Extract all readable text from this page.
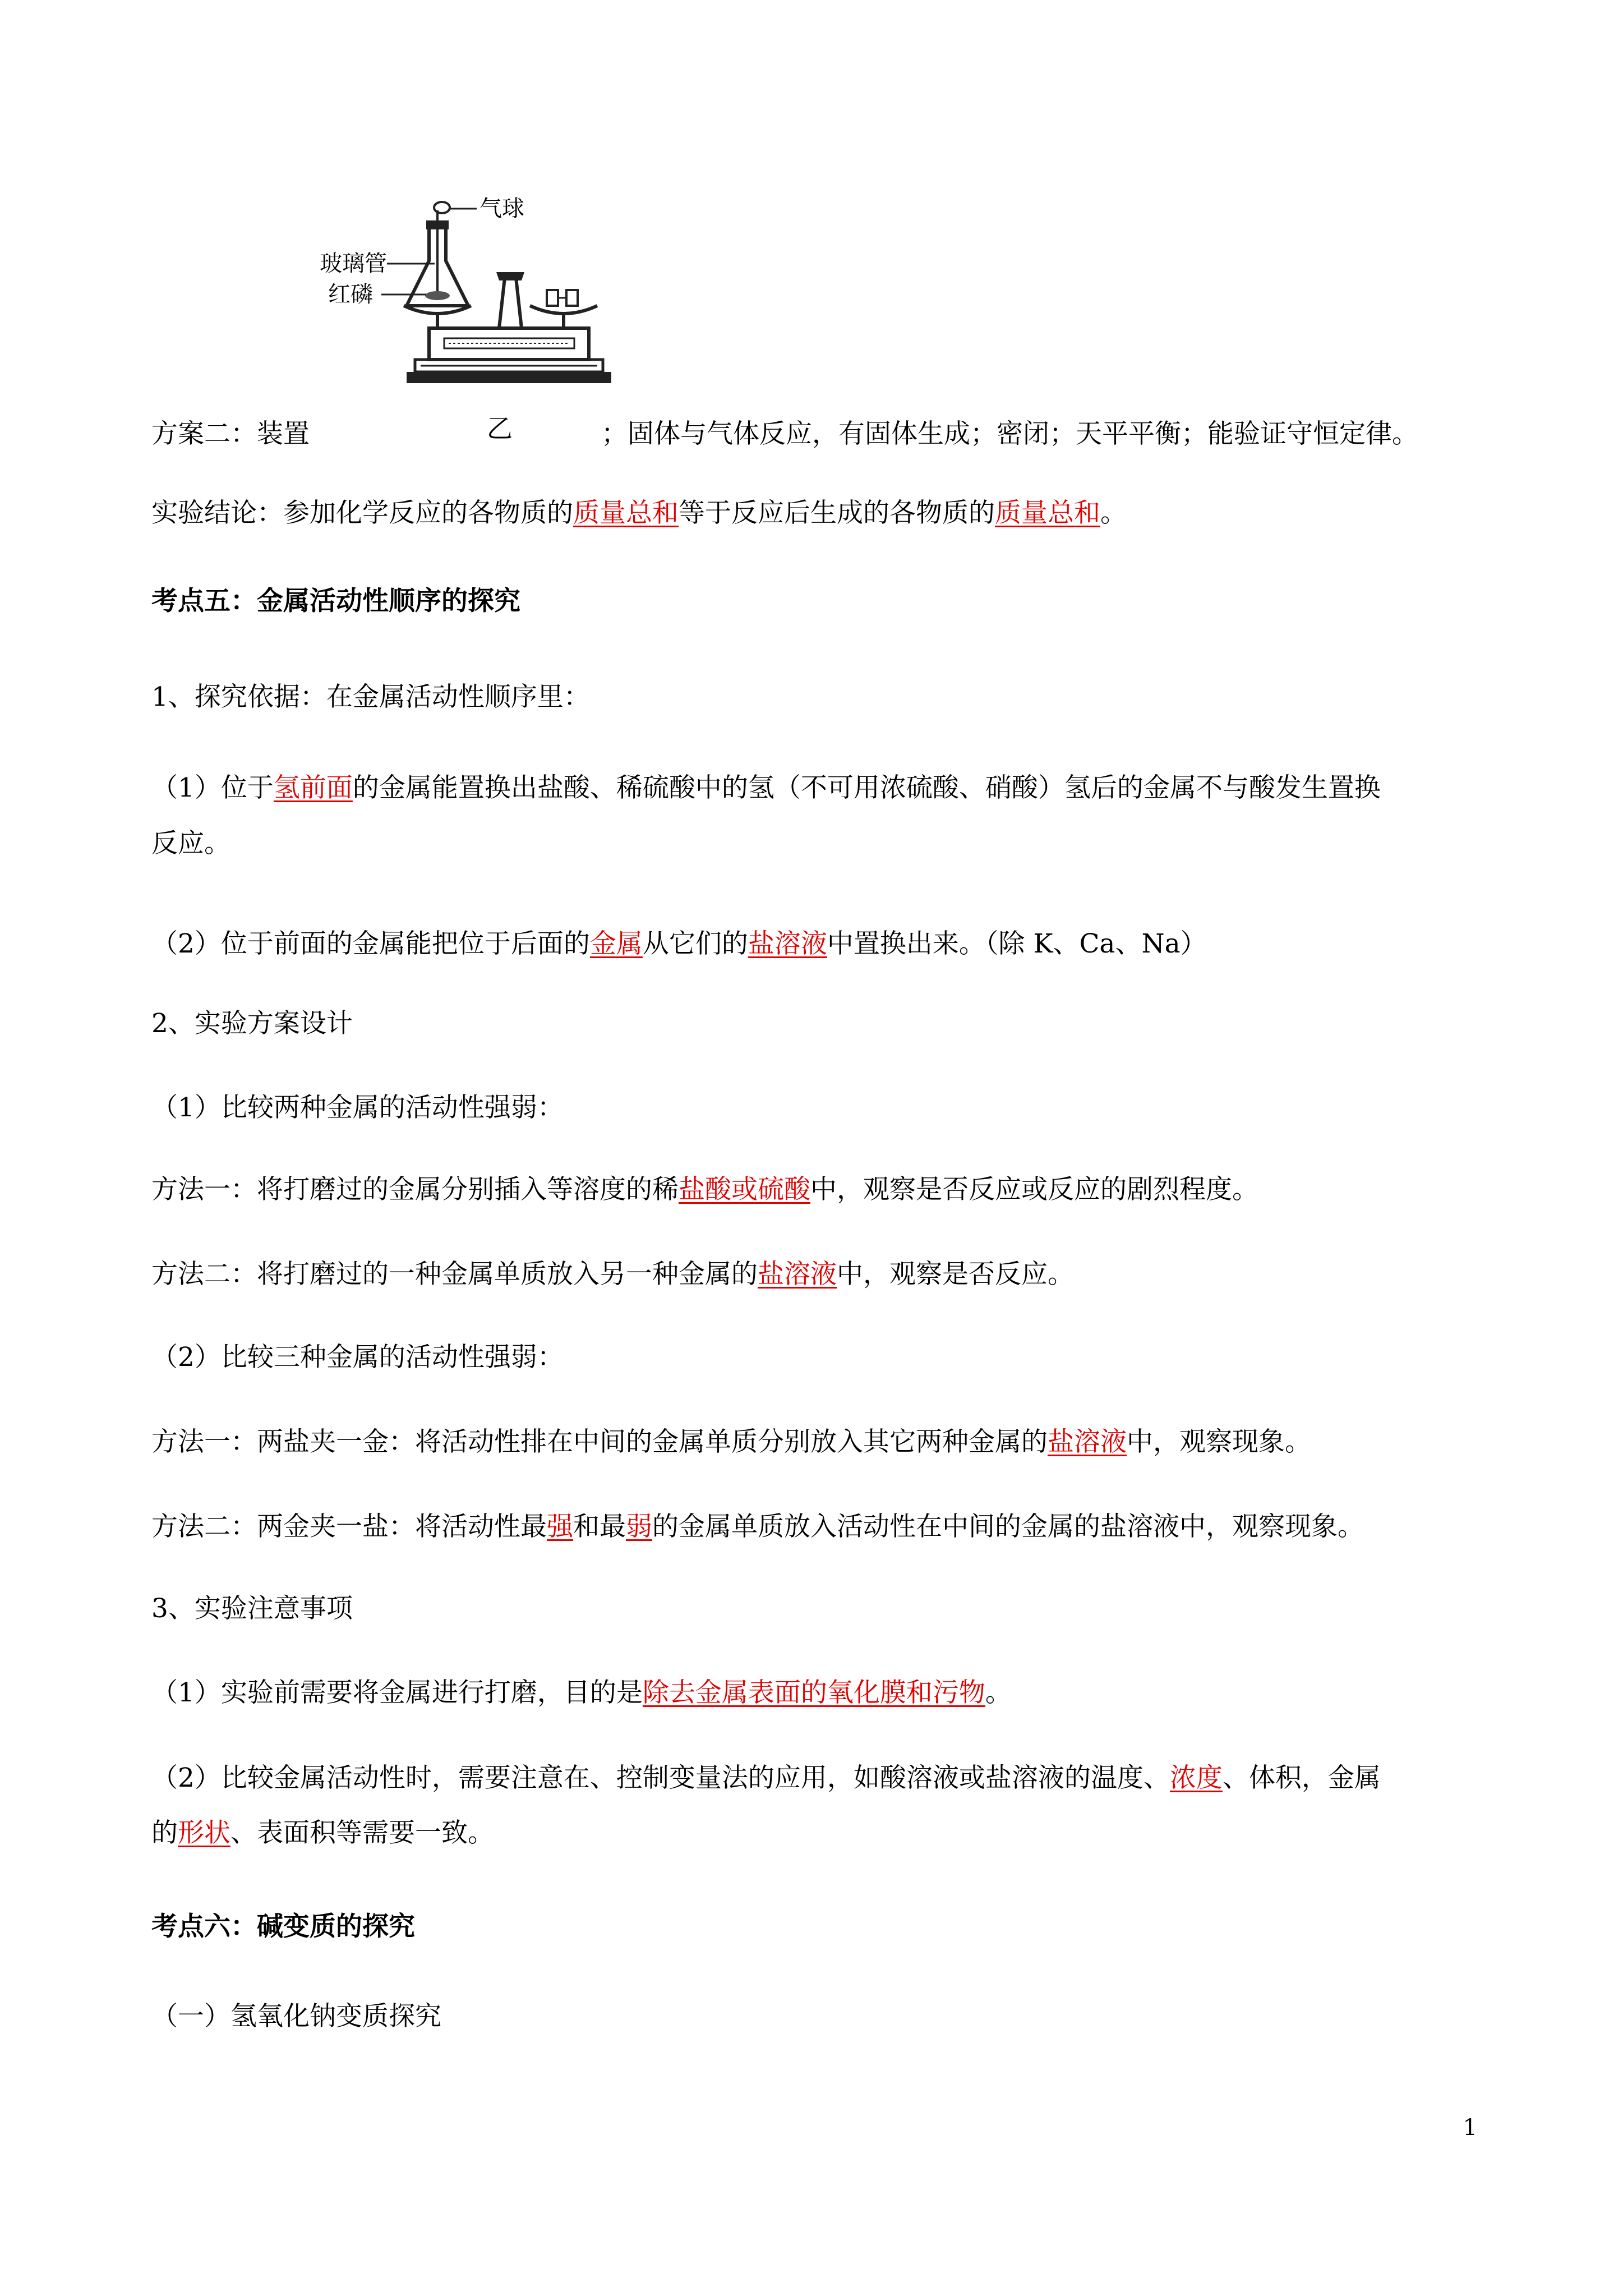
气球
玻璃管
红磷
乙
方案二：装置	；固体与气体反应，有固体生成；密闭；天平平衡；能验证守恒定律。
实验结论：参加化学反应的各物质的质量总和等于反应后生成的各物质的质量总和。
考点五：金属活动性顺序的探究
1、探究依据：在金属活动性顺序里：
（1）位于氢前面的金属能置换出盐酸、稀硫酸中的氢（不可用浓硫酸、硝酸）氢后的金属不与酸发生置换
反应。
（2）位于前面的金属能把位于后面的金属从它们的盐溶液中置换出来。（除 K、Ca、Na）
2、实验方案设计
（1）比较两种金属的活动性强弱：
方法一：将打磨过的金属分别插入等溶度的稀盐酸或硫酸中，观察是否反应或反应的剧烈程度。
方法二：将打磨过的一种金属单质放入另一种金属的盐溶液中，观察是否反应。
（2）比较三种金属的活动性强弱：
方法一：两盐夹一金：将活动性排在中间的金属单质分别放入其它两种金属的盐溶液中，观察现象。
方法二：两金夹一盐：将活动性最强和最弱的金属单质放入活动性在中间的金属的盐溶液中，观察现象。
3、实验注意事项
（1）实验前需要将金属进行打磨，目的是除去金属表面的氧化膜和污物。
（2）比较金属活动性时，需要注意在、控制变量法的应用，如酸溶液或盐溶液的温度、浓度、体积，金属
的形状、表面积等需要一致。
考点六：碱变质的探究
（一）氢氧化钠变质探究
1
